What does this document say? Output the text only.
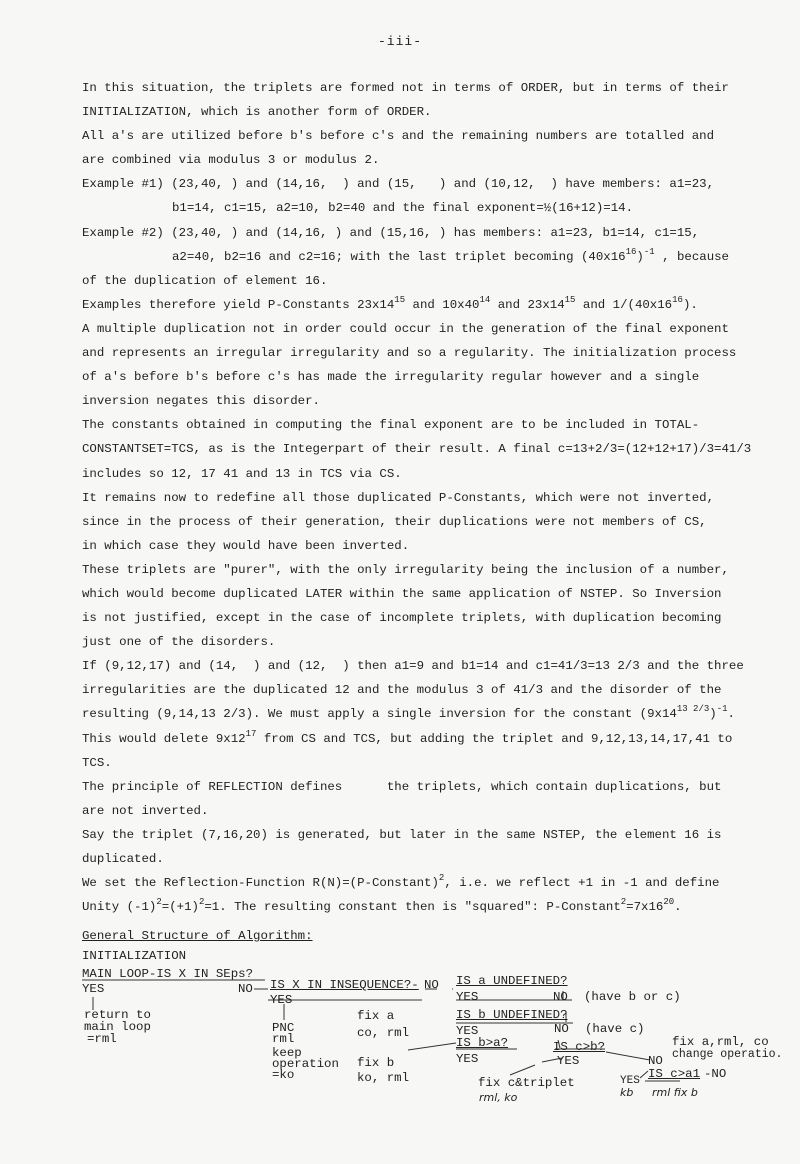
-iii-
In this situation, the triplets are formed not in terms of ORDER, but in terms of their
INITIALIZATION, which is another form of ORDER.
All a's are utilized before b's before c's and the remaining numbers are totalled and
are combined via modulus 3 or modulus 2.
Example #1) (23,40, ) and (14,16,  ) and (15,   ) and (10,12,  ) have members: a1=23,
b1=14, c1=15, a2=10, b2=40 and the final exponent=½(16+12)=14.
Example #2) (23,40, ) and (14,16, ) and (15,16, ) has members: a1=23, b1=14, c1=15,
a2=40, b2=16 and c2=16; with the last triplet becoming $(40x16^{16})^{-1}$ , because
of the duplication of element 16.
Examples therefore yield P-Constants $23x14^{15}$ and $10x40^{14}$ and $23x14^{15}$ and $1/(40x16^{16})$.
A multiple duplication not in order could occur in the generation of the final exponent
and represents an irregular irregularity and so a regularity. The initialization process
of a's before b's before c's has made the irregularity regular however and a single
inversion negates this disorder.
The constants obtained in computing the final exponent are to be included in TOTAL-
CONSTANTSET=TCS, as is the Integerpart of their result. A final c=13+2/3=(12+12+17)/3=41/3
includes so 12, 17 41 and 13 in TCS via CS.
It remains now to redefine all those duplicated P-Constants, which were not inverted,
since in the process of their generation, their duplications were not members of CS,
in which case they would have been inverted.
These triplets are "purer", with the only irregularity being the inclusion of a number,
which would become duplicated LATER within the same application of NSTEP. So Inversion
is not justified, except in the case of incomplete triplets, with duplication becoming
just one of the disorders.
If (9,12,17) and (14,  ) and (12,  ) then a1=9 and b1=14 and c1=41/3=13 2/3 and the three
irregularities are the duplicated 12 and the modulus 3 of 41/3 and the disorder of the
resulting (9,14,13 2/3). We must apply a single inversion for the constant $(9x14^{13 2/3})^{-1}$.
This would delete $9x12^{17}$ from CS and TCS, but adding the triplet and 9,12,13,14,17,41 to
TCS.
The principle of REFLECTION defines      the triplets, which contain duplications, but
are not inverted.
Say the triplet (7,16,20) is generated, but later in the same NSTEP, the element 16 is
duplicated.
We set the Reflection-Function R(N)=(P-Constant)$^2$, i.e. we reflect +1 in -1 and define
Unity $(-1)^2=(+1)^2=1$. The resulting constant then is "squared": $P-Constant^2=7x16^{20}$.
General Structure of Algorithm:
INITIALIZATION
MAIN LOOP-IS X IN SEps?
YES	NO IS X IN INSEQUENCE?- NO IS a UNDEFINED?
return to
main loop
=rml
YES
PNC
rml
keep
operation
=ko
fix a
co, rml
fix b
ko, rml
YES
IS b UNDEFINED?
YES
IS b>a?
YES
NO (have b or c)
NO (have c)
IS c>b?
YES	NO
fix a,rml, co
change operatio.
fix c&triplet
rml, ko
YES IS c>a1 -NO
kb rml fix b
